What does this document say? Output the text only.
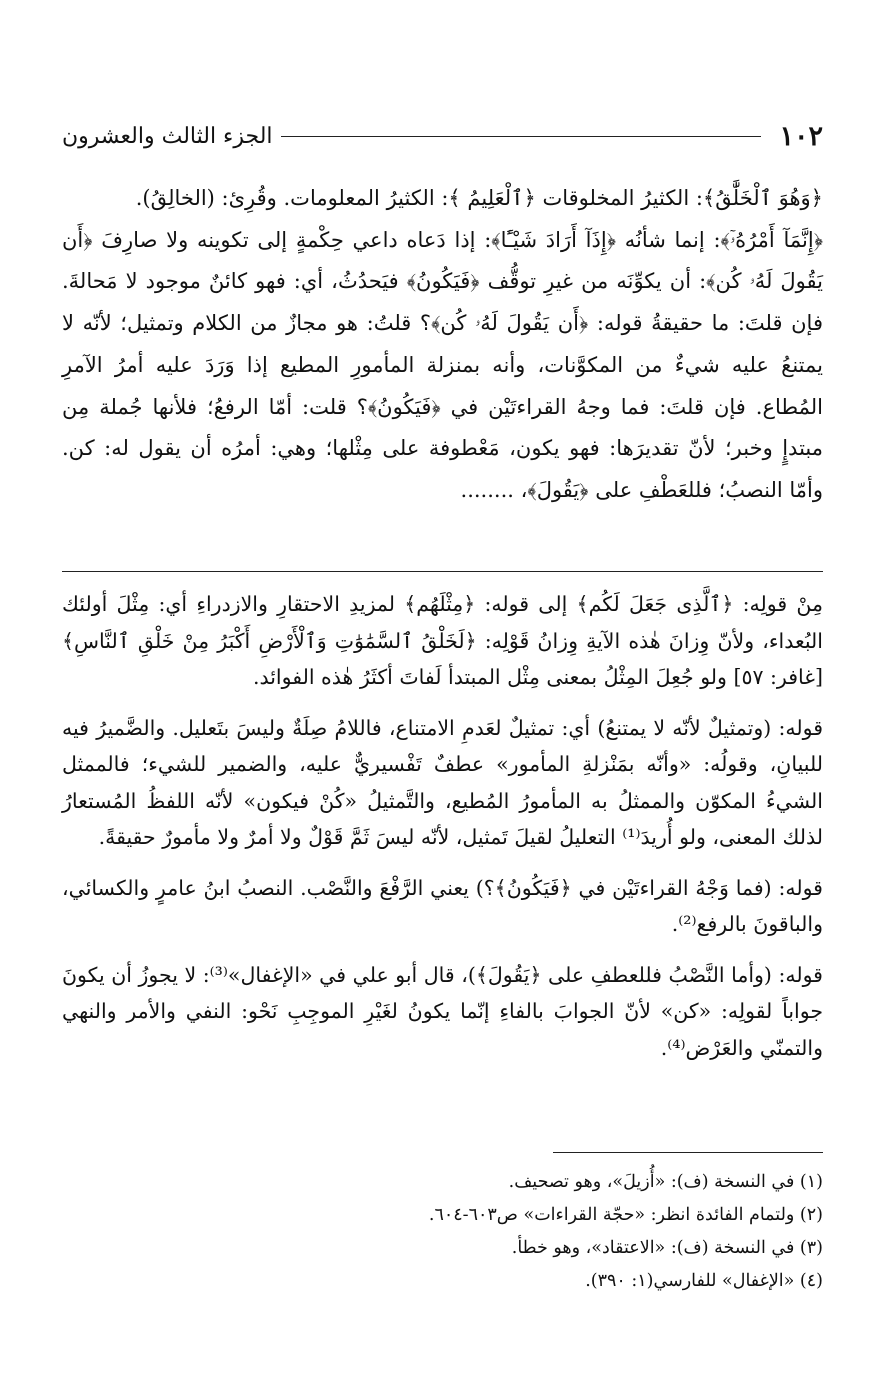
١٠٢
الجزء الثالث والعشرون

﴿وَهُوَ ٱلْخَلَّٰقُ﴾: الكثيرُ المخلوقات ﴿ٱلْعَلِيمُ ﴾: الكثيرُ المعلومات. وقُرِئ: (الخالِقُ).

﴿إِنَّمَآ أَمْرُهُۥٓ﴾: إنما شأنُه ﴿إِذَآ أَرَادَ شَيْـًٔا﴾: إذا دَعاه داعي حِكْمةٍ إلى تكوينه ولا صارِفَ ﴿أَن يَقُولَ لَهُۥ كُن﴾: أن يكوِّنَه من غيرِ توقُّف ﴿فَيَكُونُ﴾ فيَحدُثُ، أي: فهو كائنٌ موجود لا مَحالةَ. فإن قلتَ: ما حقيقةُ قوله: ﴿أَن يَقُولَ لَهُۥ كُن﴾؟ قلتُ: هو مجازٌ من الكلام وتمثيل؛ لأنّه لا يمتنعُ عليه شيءٌ من المكوَّنات، وأنه بمنزلة المأمورِ المطيع إذا وَرَدَ عليه أمرُ الآمرِ المُطاع. فإن قلتَ: فما وجهُ القراءتَيْن في ﴿فَيَكُونُ﴾؟ قلت: أمّا الرفعُ؛ فلأنها جُملة مِن مبتدإٍ وخبر؛ لأنّ تقديرَها: فهو يكون، مَعْطوفة على مِثْلها؛ وهي: أمرُه أن يقول له: كن. وأمّا النصبُ؛ فللعَطْفِ على ﴿يَقُولَ﴾، ........

مِنْ قولِه: ﴿ٱلَّذِى جَعَلَ لَكُم﴾ إلى قوله: ﴿مِثْلَهُم﴾ لمزيدِ الاحتقارِ والازدراءِ أي: مِثْلَ أولئك البُعداء، ولأنّ وِزانَ هٰذه الآيةِ وِزانُ قَوْلِه: ﴿لَخَلْقُ ٱلسَّمَٰوَٰتِ وَٱلْأَرْضِ أَكْبَرُ مِنْ خَلْقِ ٱلنَّاسِ﴾ [غافر: ٥٧] ولو جُعِلَ المِثْلُ بمعنى مِثْل المبتدأ لَفاتَ أكثَرُ هٰذه الفوائد.

قوله: (وتمثيلٌ لأنّه لا يمتنعُ) أي: تمثيلٌ لعَدمِ الامتناع، فاللامُ صِلَةٌ وليسَ بتَعليل. والضَّميرُ فيه للبيانِ، وقولُه: «وأنّه بمَنْزلةِ المأمور» عطفٌ تَفْسيريٌّ عليه، والضمير للشيء؛ فالممثل الشيءُ المكوّن والممثلُ به المأمورُ المُطيع، والتَّمثيلُ «كُنْ فيكون» لأنّه اللفظُ المُستعارُ لذلك المعنى، ولو أُريدَ⁽¹⁾ التعليلُ لقيلَ تَمثيل، لأنّه ليسَ ثَمَّ قَوْلٌ ولا أمرٌ ولا مأمورٌ حقيقةً.

قوله: (فما وَجْهُ القراءتَيْن في ﴿فَيَكُونُ﴾؟) يعني الرَّفْعَ والنَّصْب. النصبُ ابنُ عامرٍ والكسائي، والباقونَ بالرفع⁽²⁾.

قوله: (وأما النَّصْبُ فللعطفِ على ﴿يَقُولَ﴾)، قال أبو علي في «الإغفال»⁽³⁾: لا يجوزُ أن يكونَ جواباً لقولِه: «كن» لأنّ الجوابَ بالفاءِ إنّما يكونُ لغَيْرِ الموجِبِ نَحْو: النفي والأمر والنهي والتمنّي والعَرْض⁽⁴⁾.

(١) في النسخة (ف): «أُزيلَ»، وهو تصحيف.

(٢) ولتمام الفائدة انظر: «حجّة القراءات» ص٦٠٣-٦٠٤.

(٣) في النسخة (ف): «الاعتقاد»، وهو خطأ.

(٤) «الإغفال» للفارسي(١: ٣٩٠).
